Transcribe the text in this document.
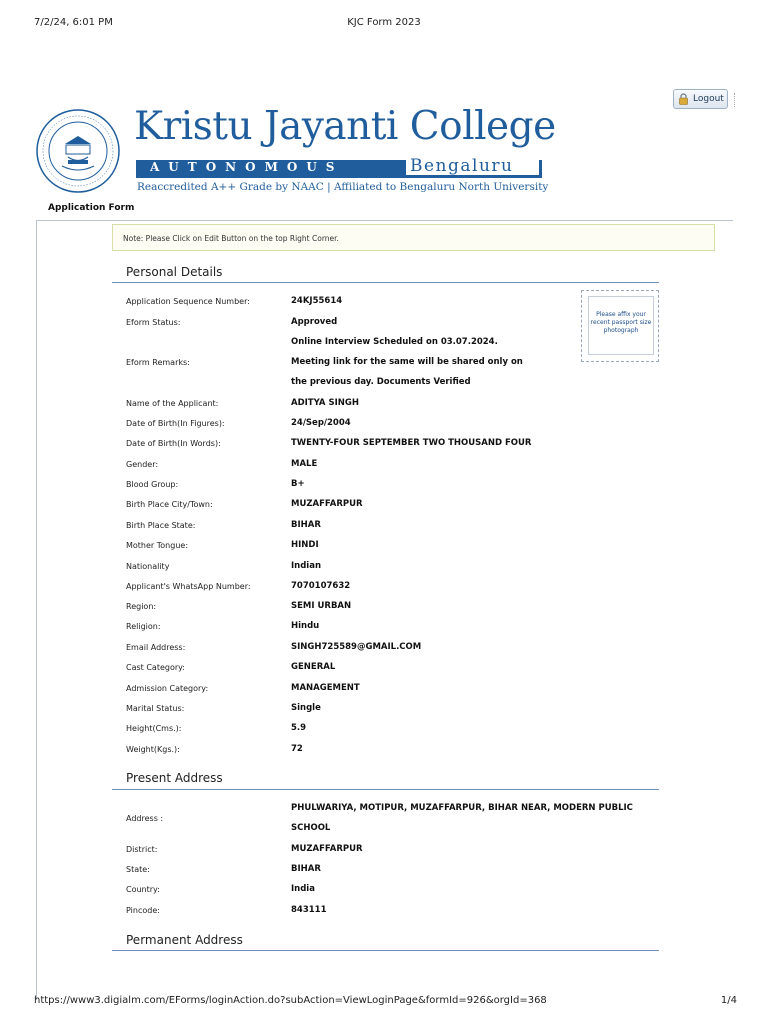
7/2/24, 6:01 PM	KJC Form 2023
Kristu Jayanti College
AUTONOMOUS	Bengaluru
Reaccredited A++ Grade by NAAC | Affiliated to Bengaluru North University
Logout
Application Form
Note: Please Click on Edit Button on the top Right Corner.
Personal Details
Please affix your recent passport size photograph
Application Sequence Number:	24KJ55614
Eform Status:	Approved
Eform Remarks:
Online Interview Scheduled on 03.07.2024.
Meeting link for the same will be shared only on
the previous day. Documents Verified
Name of the Applicant:	ADITYA SINGH
Date of Birth(In Figures):	24/Sep/2004
Date of Birth(In Words):	TWENTY-FOUR SEPTEMBER TWO THOUSAND FOUR
Gender:	MALE
Blood Group:	B+
Birth Place City/Town:	MUZAFFARPUR
Birth Place State:	BIHAR
Mother Tongue:	HINDI
Nationality	Indian
Applicant's WhatsApp Number:	7070107632
Region:	SEMI URBAN
Religion:	Hindu
Email Address:	SINGH725589@GMAIL.COM
Cast Category:	GENERAL
Admission Category:	MANAGEMENT
Marital Status:	Single
Height(Cms.):	5.9
Weight(Kgs.):	72
Present Address
Address :
PHULWARIYA, MOTIPUR, MUZAFFARPUR, BIHAR NEAR, MODERN PUBLIC
SCHOOL
District:	MUZAFFARPUR
State:	BIHAR
Country:	India
Pincode:	843111
Permanent Address
https://www3.digialm.com/EForms/loginAction.do?subAction=ViewLoginPage&formId=926&orgId=368	1/4
